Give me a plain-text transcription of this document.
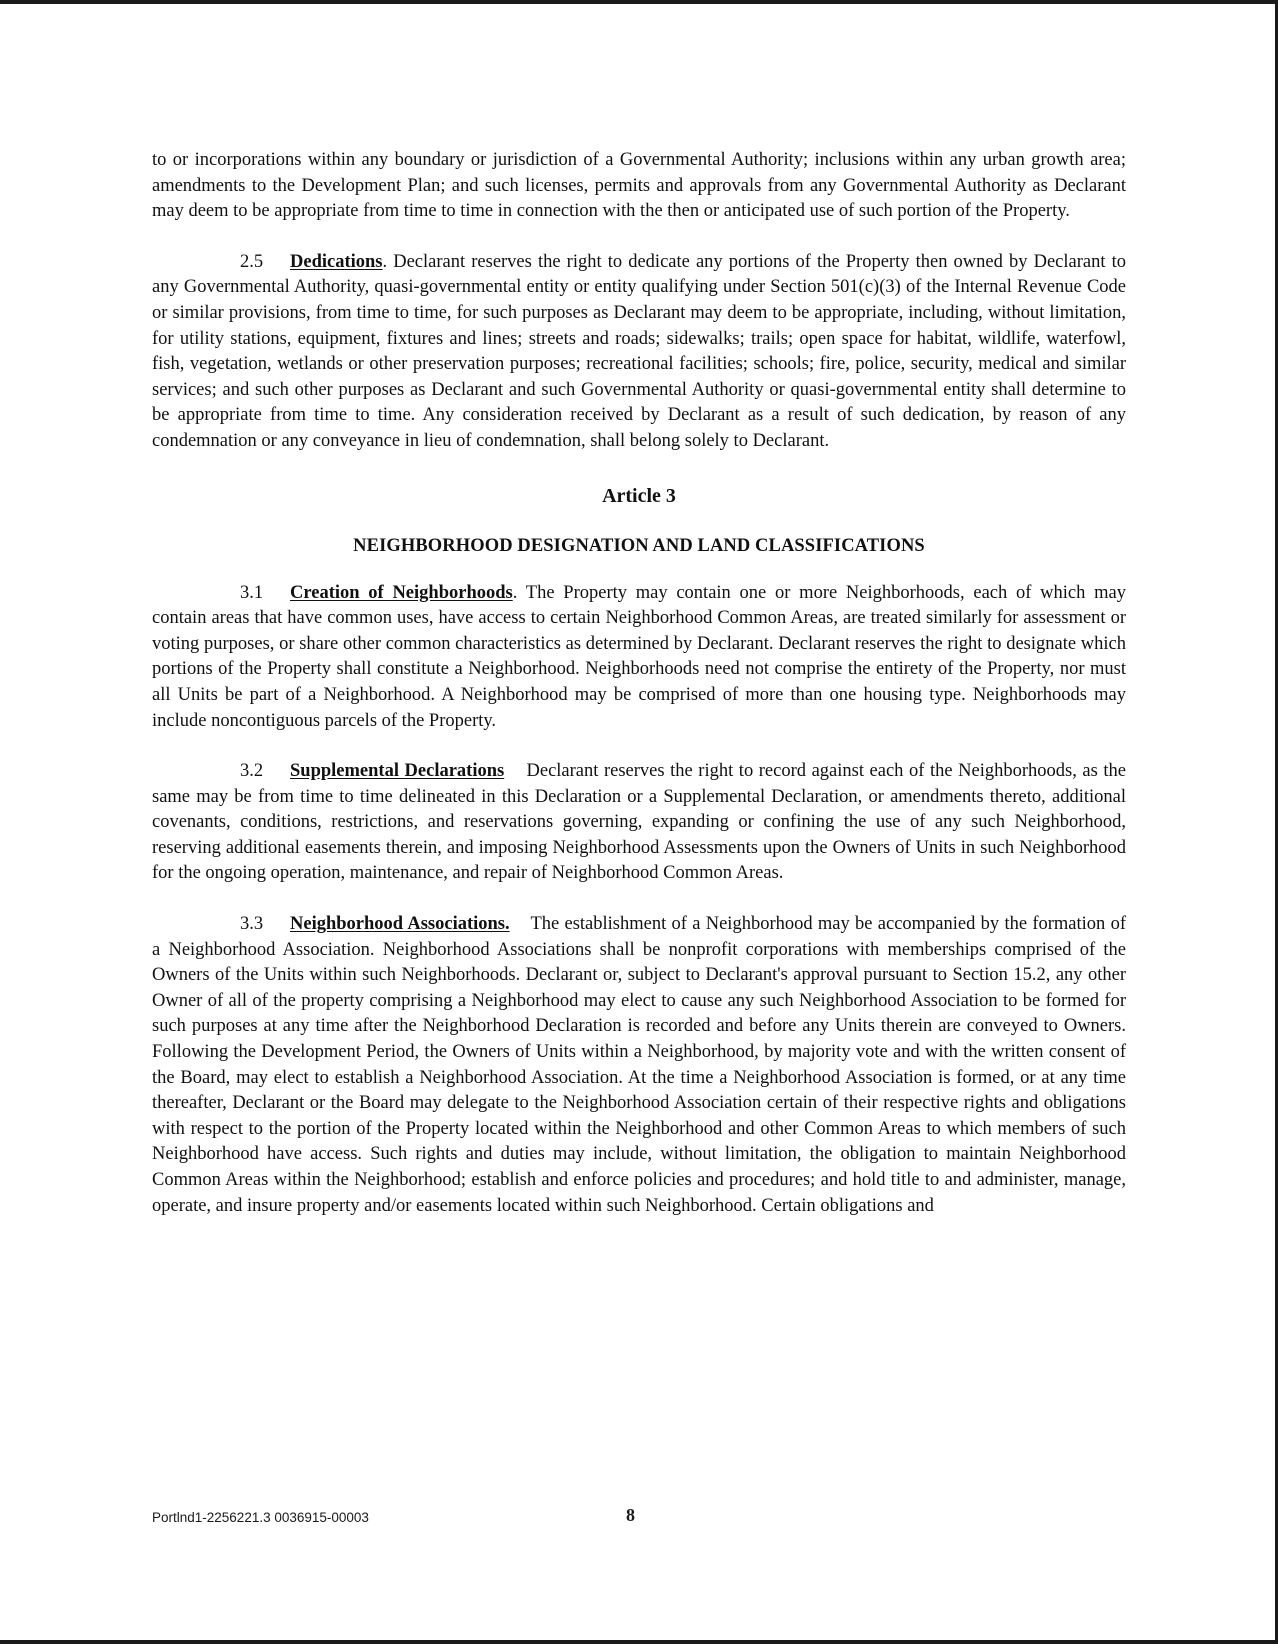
to or incorporations within any boundary or jurisdiction of a Governmental Authority; inclusions within any urban growth area; amendments to the Development Plan; and such licenses, permits and approvals from any Governmental Authority as Declarant may deem to be appropriate from time to time in connection with the then or anticipated use of such portion of the Property.

2.5 Dedications. Declarant reserves the right to dedicate any portions of the Property then owned by Declarant to any Governmental Authority, quasi-governmental entity or entity qualifying under Section 501(c)(3) of the Internal Revenue Code or similar provisions, from time to time, for such purposes as Declarant may deem to be appropriate, including, without limitation, for utility stations, equipment, fixtures and lines; streets and roads; sidewalks; trails; open space for habitat, wildlife, waterfowl, fish, vegetation, wetlands or other preservation purposes; recreational facilities; schools; fire, police, security, medical and similar services; and such other purposes as Declarant and such Governmental Authority or quasi-governmental entity shall determine to be appropriate from time to time. Any consideration received by Declarant as a result of such dedication, by reason of any condemnation or any conveyance in lieu of condemnation, shall belong solely to Declarant.

Article 3
NEIGHBORHOOD DESIGNATION AND LAND CLASSIFICATIONS

3.1 Creation of Neighborhoods. The Property may contain one or more Neighborhoods, each of which may contain areas that have common uses, have access to certain Neighborhood Common Areas, are treated similarly for assessment or voting purposes, or share other common characteristics as determined by Declarant. Declarant reserves the right to designate which portions of the Property shall constitute a Neighborhood. Neighborhoods need not comprise the entirety of the Property, nor must all Units be part of a Neighborhood. A Neighborhood may be comprised of more than one housing type. Neighborhoods may include noncontiguous parcels of the Property.

3.2 Supplemental Declarations    Declarant reserves the right to record against each of the Neighborhoods, as the same may be from time to time delineated in this Declaration or a Supplemental Declaration, or amendments thereto, additional covenants, conditions, restrictions, and reservations governing, expanding or confining the use of any such Neighborhood, reserving additional easements therein, and imposing Neighborhood Assessments upon the Owners of Units in such Neighborhood for the ongoing operation, maintenance, and repair of Neighborhood Common Areas.

3.3 Neighborhood Associations.    The establishment of a Neighborhood may be accompanied by the formation of a Neighborhood Association. Neighborhood Associations shall be nonprofit corporations with memberships comprised of the Owners of the Units within such Neighborhoods. Declarant or, subject to Declarant's approval pursuant to Section 15.2, any other Owner of all of the property comprising a Neighborhood may elect to cause any such Neighborhood Association to be formed for such purposes at any time after the Neighborhood Declaration is recorded and before any Units therein are conveyed to Owners. Following the Development Period, the Owners of Units within a Neighborhood, by majority vote and with the written consent of the Board, may elect to establish a Neighborhood Association. At the time a Neighborhood Association is formed, or at any time thereafter, Declarant or the Board may delegate to the Neighborhood Association certain of their respective rights and obligations with respect to the portion of the Property located within the Neighborhood and other Common Areas to which members of such Neighborhood have access. Such rights and duties may include, without limitation, the obligation to maintain Neighborhood Common Areas within the Neighborhood; establish and enforce policies and procedures; and hold title to and administer, manage, operate, and insure property and/or easements located within such Neighborhood. Certain obligations and

Portlnd1-2256221.3 0036915-00003	8
